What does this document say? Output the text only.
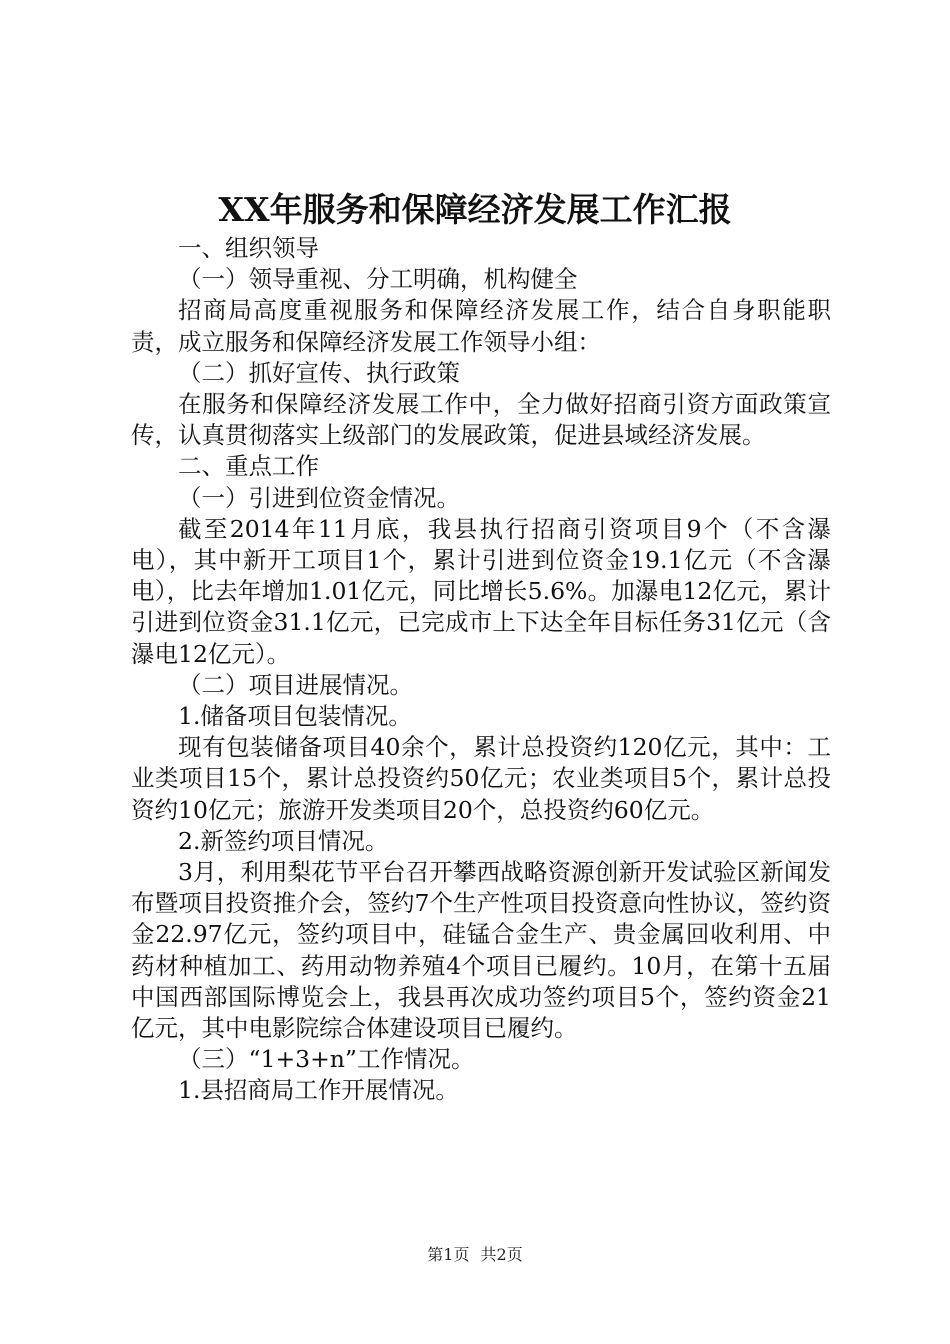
XX年服务和保障经济发展工作汇报

一、组织领导

（一）领导重视、分工明确，机构健全

招商局高度重视服务和保障经济发展工作，结合自身职能职责，成立服务和保障经济发展工作领导小组：

（二）抓好宣传、执行政策

在服务和保障经济发展工作中，全力做好招商引资方面政策宣传，认真贯彻落实上级部门的发展政策，促进县域经济发展。

二、重点工作

（一）引进到位资金情况。

截至2014年11月底，我县执行招商引资项目9个（不含瀑电），其中新开工项目1个，累计引进到位资金19.1亿元（不含瀑电），比去年增加1.01亿元，同比增长5.6%。加瀑电12亿元，累计引进到位资金31.1亿元，已完成市上下达全年目标任务31亿元（含瀑电12亿元）。

（二）项目进展情况。

1.储备项目包装情况。

现有包装储备项目40余个，累计总投资约120亿元，其中：工业类项目15个，累计总投资约50亿元；农业类项目5个，累计总投资约10亿元；旅游开发类项目20个，总投资约60亿元。

2.新签约项目情况。

3月，利用梨花节平台召开攀西战略资源创新开发试验区新闻发布暨项目投资推介会，签约7个生产性项目投资意向性协议，签约资金22.97亿元，签约项目中，硅锰合金生产、贵金属回收利用、中药材种植加工、药用动物养殖4个项目已履约。10月，在第十五届中国西部国际博览会上，我县再次成功签约项目5个，签约资金21亿元，其中电影院综合体建设项目已履约。

（三）“1+3+n”工作情况。

1.县招商局工作开展情况。

第1页 共2页
